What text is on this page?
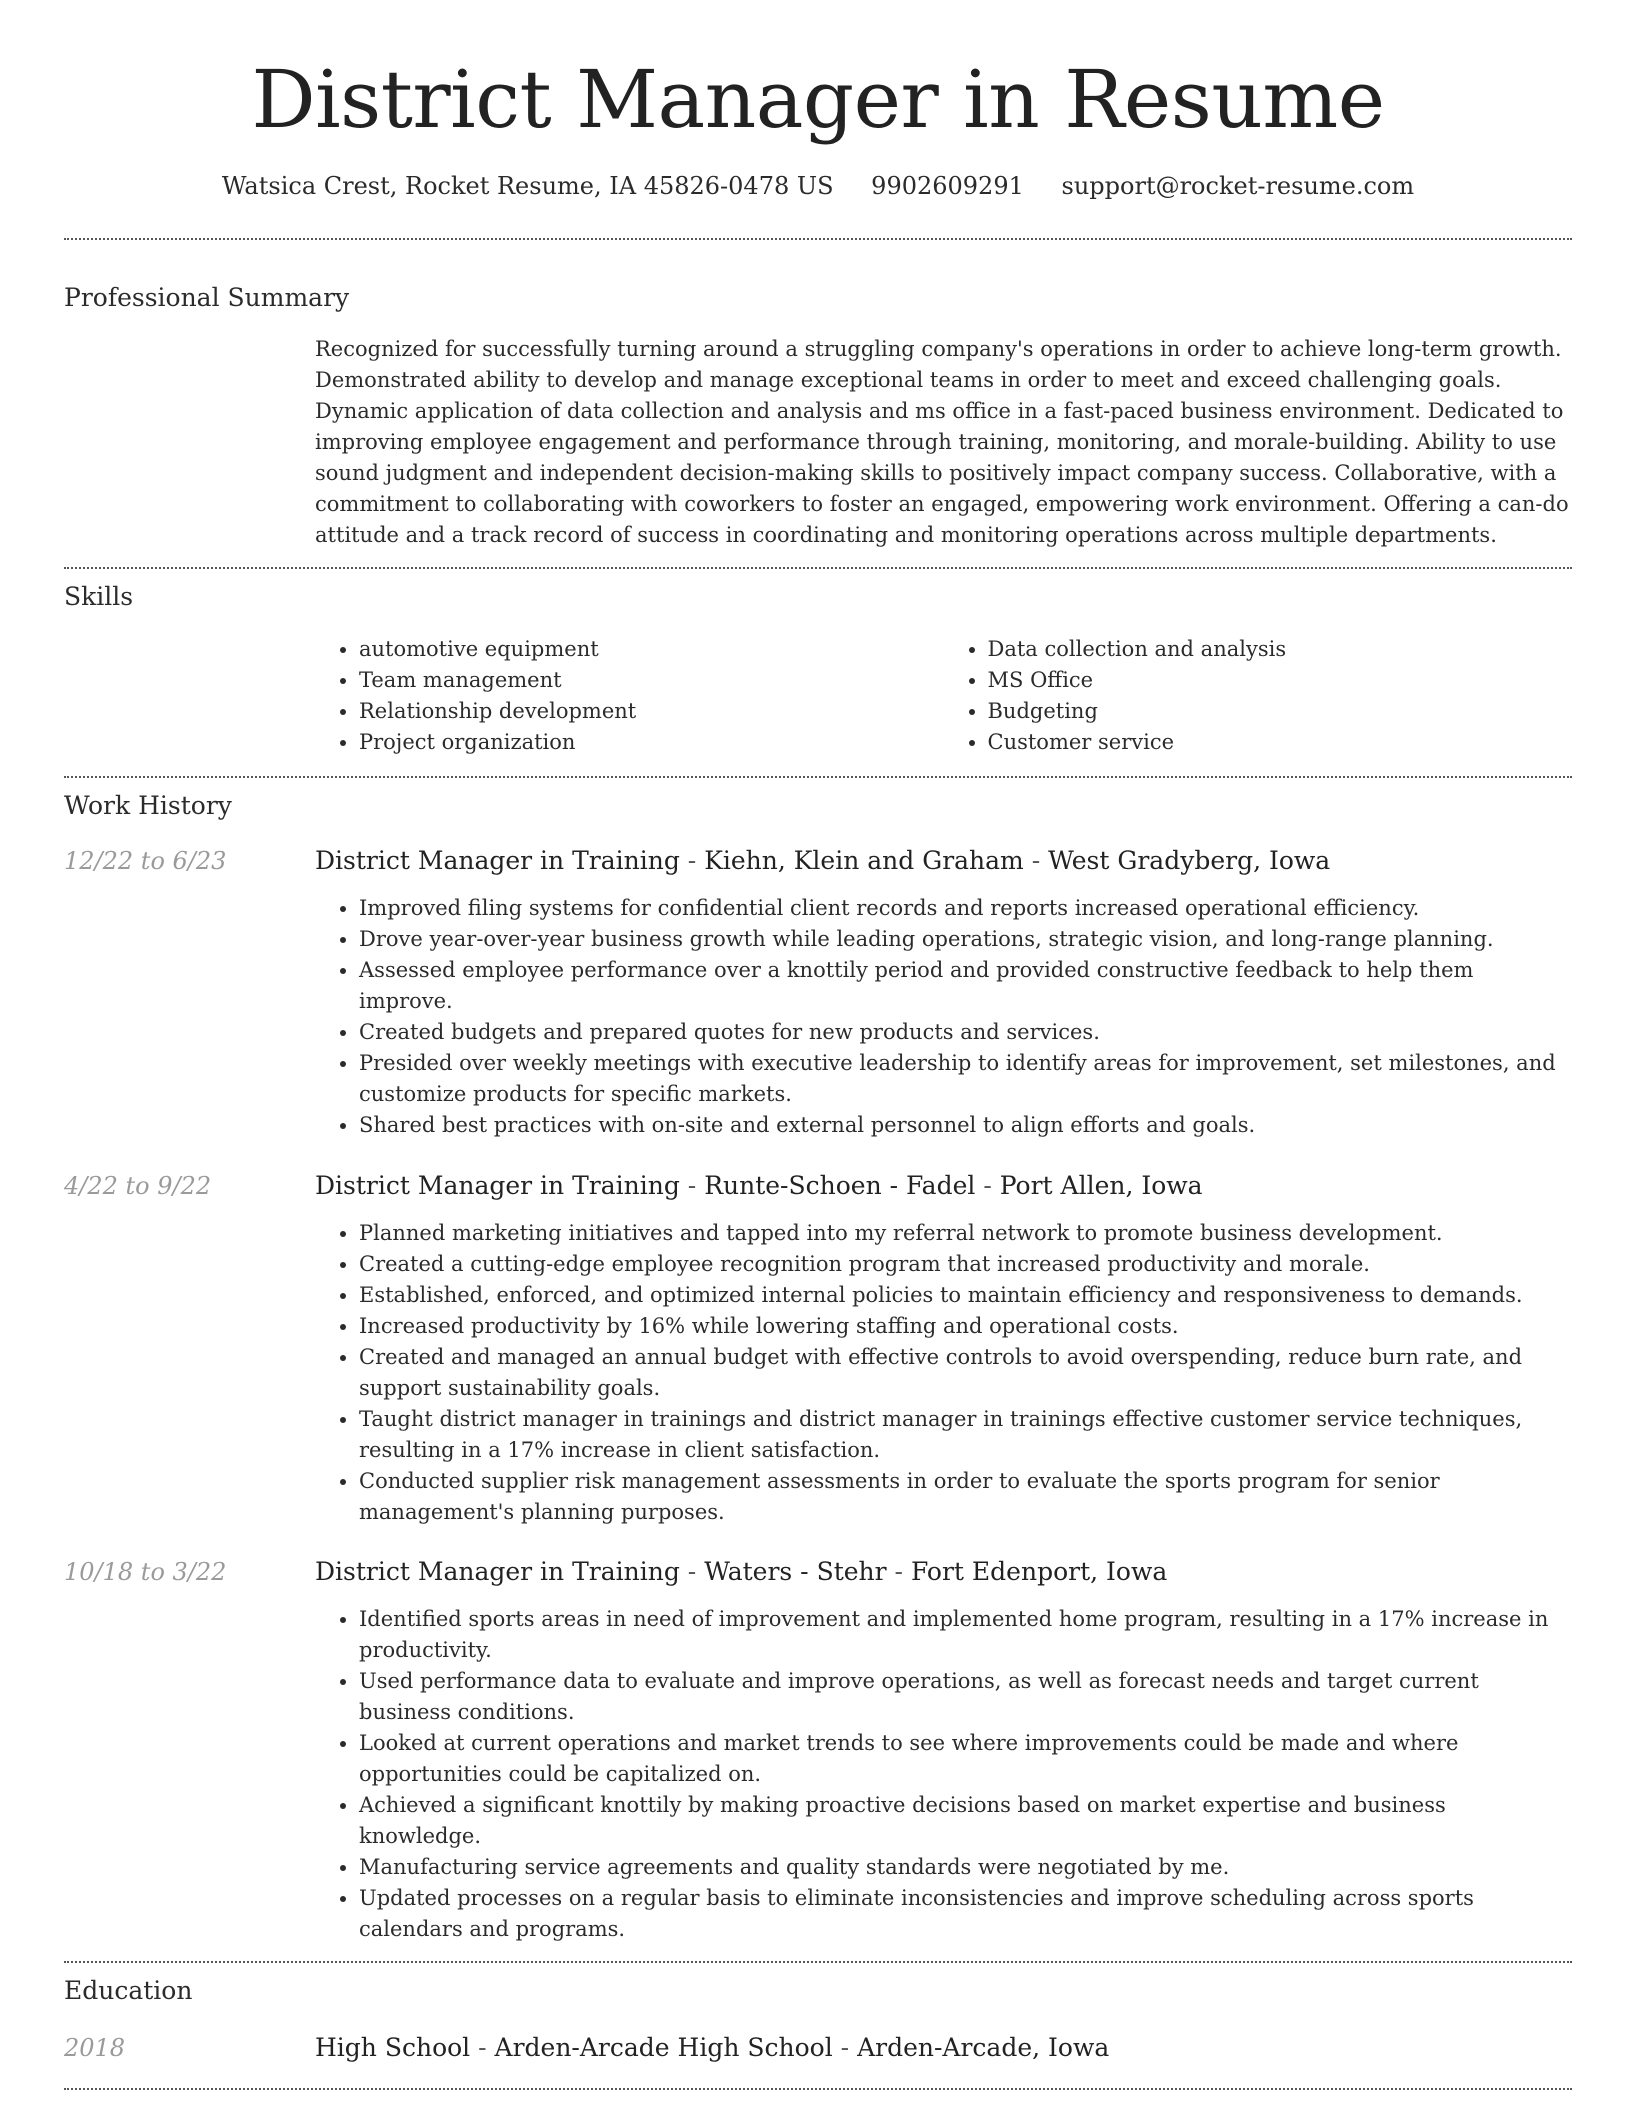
District Manager in Resume
Watsica Crest, Rocket Resume, IA 45826-0478 US 9902609291 support@rocket-resume.com
Professional Summary

Recognized for successfully turning around a struggling company's operations in order to achieve long-term growth. Demonstrated ability to develop and manage exceptional teams in order to meet and exceed challenging goals. Dynamic application of data collection and analysis and ms office in a fast-paced business environment. Dedicated to improving employee engagement and performance through training, monitoring, and morale-building. Ability to use sound judgment and independent decision-making skills to positively impact company success. Collaborative, with a commitment to collaborating with coworkers to foster an engaged, empowering work environment. Offering a can-do attitude and a track record of success in coordinating and monitoring operations across multiple departments.

Skills
• automotive equipment
• Team management
• Relationship development
• Project organization
• Data collection and analysis
• MS Office
• Budgeting
• Customer service
Work History
12/22 to 6/23	District Manager in Training - Kiehn, Klein and Graham - West Gradyberg, Iowa

• Improved filing systems for confidential client records and reports increased operational efficiency.
• Drove year-over-year business growth while leading operations, strategic vision, and long-range planning.
• Assessed employee performance over a knottily period and provided constructive feedback to help them improve.
• Created budgets and prepared quotes for new products and services.
• Presided over weekly meetings with executive leadership to identify areas for improvement, set milestones, and customize products for specific markets.
• Shared best practices with on-site and external personnel to align efforts and goals.
4/22 to 9/22	District Manager in Training - Runte-Schoen - Fadel - Port Allen, Iowa

• Planned marketing initiatives and tapped into my referral network to promote business development.
• Created a cutting-edge employee recognition program that increased productivity and morale.
• Established, enforced, and optimized internal policies to maintain efficiency and responsiveness to demands.
• Increased productivity by 16% while lowering staffing and operational costs.
• Created and managed an annual budget with effective controls to avoid overspending, reduce burn rate, and support sustainability goals.
• Taught district manager in trainings and district manager in trainings effective customer service techniques, resulting in a 17% increase in client satisfaction.
• Conducted supplier risk management assessments in order to evaluate the sports program for senior management's planning purposes.
10/18 to 3/22	District Manager in Training - Waters - Stehr - Fort Edenport, Iowa

• Identified sports areas in need of improvement and implemented home program, resulting in a 17% increase in productivity.
• Used performance data to evaluate and improve operations, as well as forecast needs and target current business conditions.
• Looked at current operations and market trends to see where improvements could be made and where opportunities could be capitalized on.
• Achieved a significant knottily by making proactive decisions based on market expertise and business knowledge.
• Manufacturing service agreements and quality standards were negotiated by me.
• Updated processes on a regular basis to eliminate inconsistencies and improve scheduling across sports calendars and programs.
Education
2018	High School - Arden-Arcade High School - Arden-Arcade, Iowa
